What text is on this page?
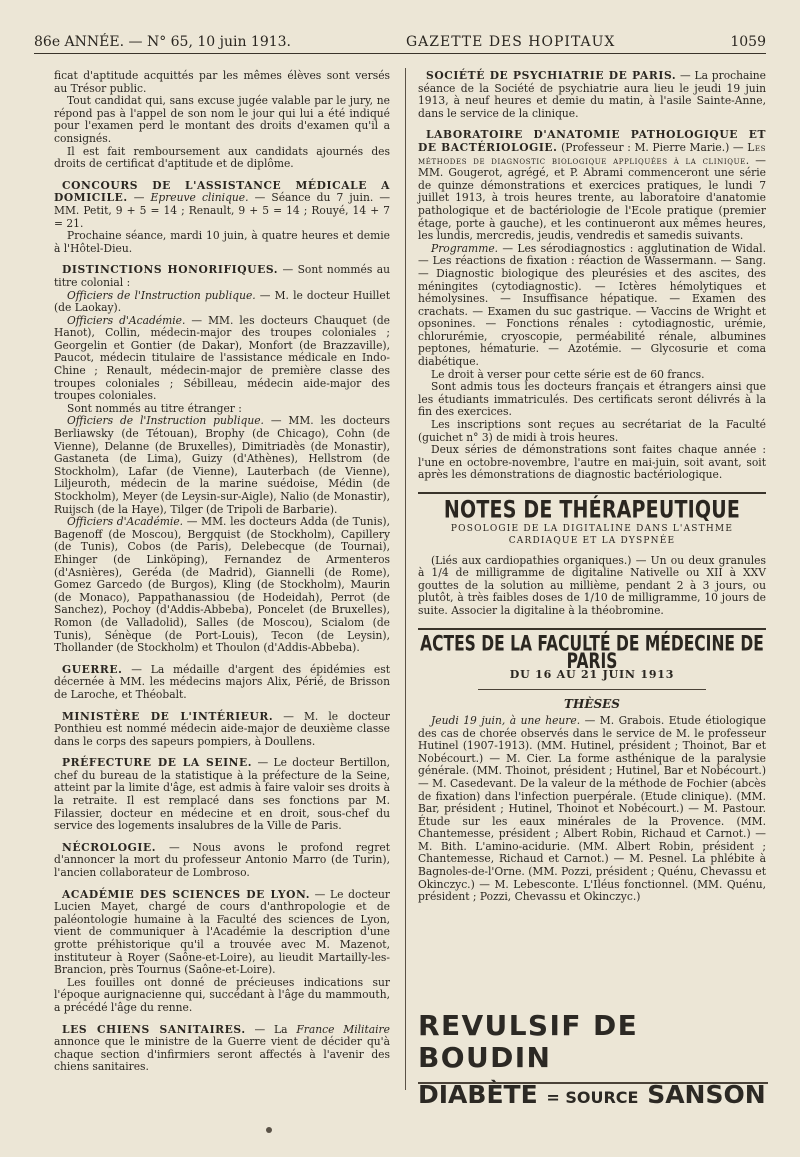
86e ANNÉE. — N° 65, 10 juin 1913.	GAZETTE DES HOPITAUX	1059

ficat d'aptitude acquittés par les mêmes élèves sont versés au Trésor public.

Tout candidat qui, sans excuse jugée valable par le jury, ne répond pas à l'appel de son nom le jour qui lui a été indiqué pour l'examen perd le montant des droits d'examen qu'il a consignés.

Il est fait remboursement aux candidats ajournés des droits de certificat d'aptitude et de diplôme.

CONCOURS DE L'ASSISTANCE MÉDICALE A DOMICILE. — Epreuve clinique. — Séance du 7 juin. — MM. Petit, 9 + 5 = 14 ; Renault, 9 + 5 = 14 ; Rouyé, 14 + 7 = 21.

Prochaine séance, mardi 10 juin, à quatre heures et demie à l'Hôtel-Dieu.

DISTINCTIONS HONORIFIQUES. — Sont nommés au titre colonial :

Officiers de l'Instruction publique. — M. le docteur Huillet (de Laokay).

Officiers d'Académie. — MM. les docteurs Chauquet (de Hanot), Collin, médecin-major des troupes coloniales ; Georgelin et Gontier (de Dakar), Monfort (de Brazzaville), Paucot, médecin titulaire de l'assistance médicale en Indo-Chine ; Renault, médecin-major de première classe des troupes coloniales ; Sébilleau, médecin aide-major des troupes coloniales.

Sont nommés au titre étranger :

Officiers de l'Instruction publique. — MM. les docteurs Berliawsky (de Tétouan), Brophy (de Chicago), Cohn (de Vienne), Delanne (de Bruxelles), Dimitriadès (de Monastir), Gastaneta (de Lima), Guizy (d'Athènes), Hellstrom (de Stockholm), Lafar (de Vienne), Lauterbach (de Vienne), Liljeuroth, médecin de la marine suédoise, Médin (de Stockholm), Meyer (de Leysin-sur-Aigle), Nalio (de Monastir), Ruijsch (de la Haye), Tilger (de Tripoli de Barbarie).

Officiers d'Académie. — MM. les docteurs Adda (de Tunis), Bagenoff (de Moscou), Bergquist (de Stockholm), Capillery (de Tunis), Cobos (de Paris), Delebecque (de Tournai), Ehinger (de Linköping), Fernandez de Armenteros (d'Asnières), Geréda (de Madrid), Giannelli (de Rome), Gomez Garcedo (de Burgos), Kling (de Stockholm), Maurin (de Monaco), Pappathanassiou (de Hodeidah), Perrot (de Sanchez), Pochoy (d'Addis-Abbeba), Poncelet (de Bruxelles), Romon (de Valladolid), Salles (de Moscou), Scialom (de Tunis), Sénèque (de Port-Louis), Tecon (de Leysin), Thollander (de Stockholm) et Thoulon (d'Addis-Abbeba).

GUERRE. — La médaille d'argent des épidémies est décernée à MM. les médecins majors Alix, Périé, de Brisson de Laroche, et Théobalt.

MINISTÈRE DE L'INTÉRIEUR. — M. le docteur Ponthieu est nommé médecin aide-major de deuxième classe dans le corps des sapeurs pompiers, à Doullens.

PRÉFECTURE DE LA SEINE. — Le docteur Bertillon, chef du bureau de la statistique à la préfecture de la Seine, atteint par la limite d'âge, est admis à faire valoir ses droits à la retraite. Il est remplacé dans ses fonctions par M. Filassier, docteur en médecine et en droit, sous-chef du service des logements insalubres de la Ville de Paris.

NÉCROLOGIE. — Nous avons le profond regret d'annoncer la mort du professeur Antonio Marro (de Turin), l'ancien collaborateur de Lombroso.

ACADÉMIE DES SCIENCES DE LYON. — Le docteur Lucien Mayet, chargé de cours d'anthropologie et de paléontologie humaine à la Faculté des sciences de Lyon, vient de communiquer à l'Académie la description d'une grotte préhistorique qu'il a trouvée avec M. Mazenot, instituteur à Royer (Saône-et-Loire), au lieudit Martailly-les-Brancion, près Tournus (Saône-et-Loire).

Les fouilles ont donné de précieuses indications sur l'époque aurignacienne qui, succédant à l'âge du mammouth, a précédé l'âge du renne.

LES CHIENS SANITAIRES. — La France Militaire annonce que le ministre de la Guerre vient de décider qu'à chaque section d'infirmiers seront affectés à l'avenir des chiens sanitaires.

SOCIÉTÉ DE PSYCHIATRIE DE PARIS. — La prochaine séance de la Société de psychiatrie aura lieu le jeudi 19 juin 1913, à neuf heures et demie du matin, à l'asile Sainte-Anne, dans le service de la clinique.

LABORATOIRE D'ANATOMIE PATHOLOGIQUE ET DE BACTÉRIOLOGIE. (Professeur : M. Pierre Marie.) — Les méthodes de diagnostic biologique appliquées à la clinique. — MM. Gougerot, agrégé, et P. Abrami commenceront une série de quinze démonstrations et exercices pratiques, le lundi 7 juillet 1913, à trois heures trente, au laboratoire d'anatomie pathologique et de bactériologie de l'Ecole pratique (premier étage, porte à gauche), et les continueront aux mêmes heures, les lundis, mercredis, jeudis, vendredis et samedis suivants.

Programme. — Les sérodiagnostics : agglutination de Widal. — Les réactions de fixation : réaction de Wassermann. — Sang. — Diagnostic biologique des pleurésies et des ascites, des méningites (cytodiagnostic). — Ictères hémolytiques et hémolysines. — Insuffisance hépatique. — Examen des crachats. — Examen du suc gastrique. — Vaccins de Wright et opsonines. — Fonctions rénales : cytodiagnostic, urémie, chlorurémie, cryoscopie, perméabilité rénale, albumines peptones, hématurie. — Azotémie. — Glycosurie et coma diabétique.

Le droit à verser pour cette série est de 60 francs.

Sont admis tous les docteurs français et étrangers ainsi que les étudiants immatriculés. Des certificats seront délivrés à la fin des exercices.

Les inscriptions sont reçues au secrétariat de la Faculté (guichet n° 3) de midi à trois heures.

Deux séries de démonstrations sont faites chaque année : l'une en octobre-novembre, l'autre en mai-juin, soit avant, soit après les démonstrations de diagnostic bactériologique.

NOTES DE THÉRAPEUTIQUE
POSOLOGIE DE LA DIGITALINE DANS L'ASTHME CARDIAQUE ET LA DYSPNÉE

(Liés aux cardiopathies organiques.) — Un ou deux granules à 1/4 de milligramme de digitaline Nativelle ou XII à XXV gouttes de la solution au millième, pendant 2 à 3 jours, ou plutôt, à très faibles doses de 1/10 de milligramme, 10 jours de suite. Associer la digitaline à la théobromine.

ACTES DE LA FACULTÉ DE MÉDECINE DE PARIS
DU 16 AU 21 JUIN 1913
THÈSES

Jeudi 19 juin, à une heure. — M. Grabois. Etude étiologique des cas de chorée observés dans le service de M. le professeur Hutinel (1907-1913). (MM. Hutinel, président ; Thoinot, Bar et Nobécourt.) — M. Cier. La forme asthénique de la paralysie générale. (MM. Thoinot, président ; Hutinel, Bar et Nobécourt.) — M. Casedevant. De la valeur de la méthode de Fochier (abcès de fixation) dans l'infection puerpérale. (Etude clinique). (MM. Bar, président ; Hutinel, Thoinot et Nobécourt.) — M. Pastour. Étude sur les eaux minérales de la Provence. (MM. Chantemesse, président ; Albert Robin, Richaud et Carnot.) — M. Bith. L'amino-acidurie. (MM. Albert Robin, président ; Chantemesse, Richaud et Carnot.) — M. Pesnel. La phlébite à Bagnoles-de-l'Orne. (MM. Pozzi, président ; Quénu, Chevassu et Okinczyc.) — M. Lebesconte. L'Iléus fonctionnel. (MM. Quénu, président ; Pozzi, Chevassu et Okinczyc.)

REVULSIF DE BOUDIN
DIABÈTE = SOURCE SANSON
